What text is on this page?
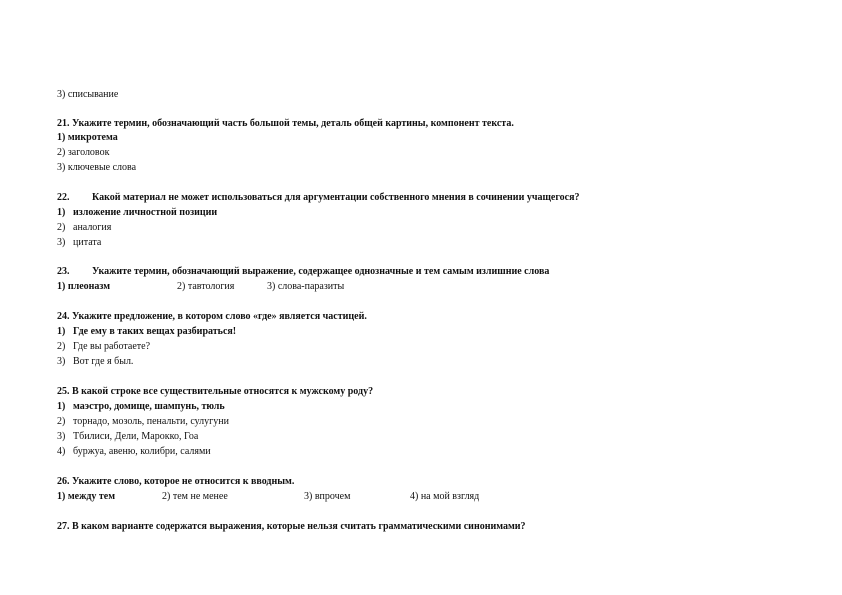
3) списывание
21. Укажите термин, обозначающий часть большой темы, деталь общей картины, компонент текста.
1) микротема
2) заголовок
3) ключевые слова
22. Какой материал не может использоваться для аргументации собственного мнения в сочинении учащегося?
1) изложение личностной позиции
2) аналогия
3) цитата
23. Укажите термин, обозначающий выражение, содержащее однозначные и тем самым излишние слова
1) плеоназм	2) тавтология	3) слова-паразиты
24. Укажите предложение, в котором слово «где» является частицей.
1) Где ему в таких вещах разбираться!
2) Где вы работаете?
3) Вот где я был.
25. В какой строке все существительные относятся к мужскому роду?
1) маэстро, домище, шампунь, тюль
2) торнадо, мозоль, пенальти, сулугуни
3) Тбилиси, Дели, Марокко, Гоа
4) буржуа, авеню, колибри, салями
26. Укажите слово, которое не относится к вводным.
1) между тем	2) тем не менее	3) впрочем	4) на мой взгляд
27. В каком варианте содержатся выражения, которые нельзя считать грамматическими синонимами?
